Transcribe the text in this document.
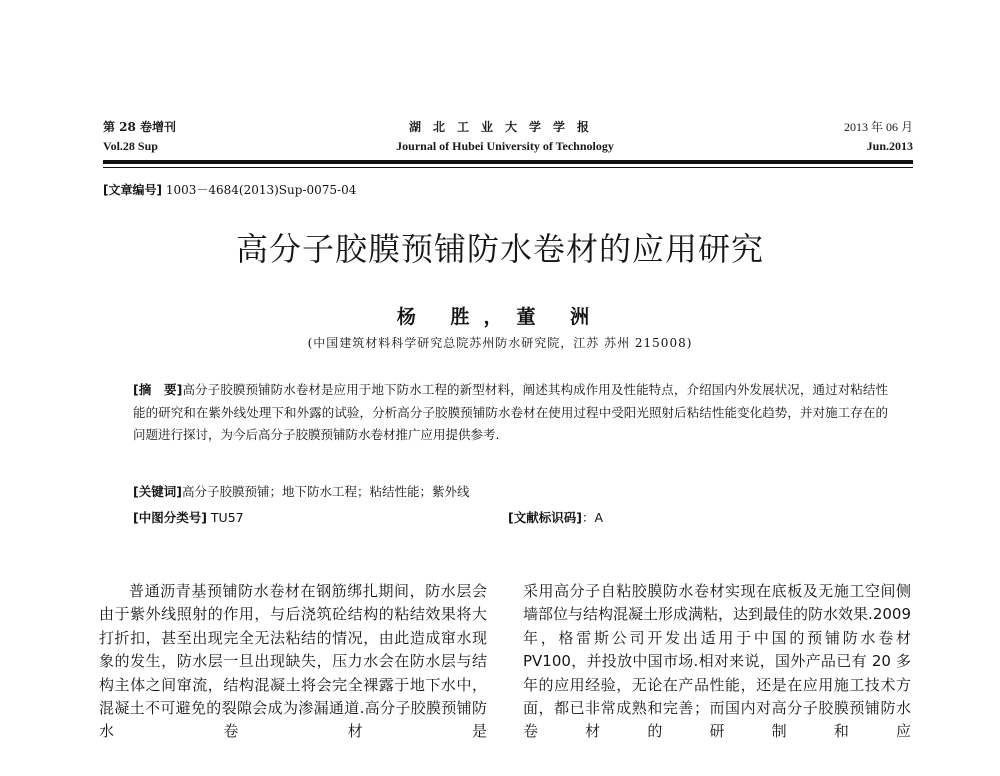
第 28 卷增刊
Vol.28 Sup
湖北工业大学学报
Journal of Hubei University of Technology
2013 年 06 月
Jun.2013
[文章编号] 1003－4684(2013)Sup-0075-04
高分子胶膜预铺防水卷材的应用研究
杨 胜，董 洲
(中国建筑材料科学研究总院苏州防水研究院，江苏 苏州 215008)
[摘　要]高分子胶膜预铺防水卷材是应用于地下防水工程的新型材料，阐述其构成作用及性能特点，介绍国内外发展状况，通过对粘结性能的研究和在紫外线处理下和外露的试验，分析高分子胶膜预铺防水卷材在使用过程中受阳光照射后粘结性能变化趋势，并对施工存在的问题进行探讨，为今后高分子胶膜预铺防水卷材推广应用提供参考.
[关键词]高分子胶膜预铺；地下防水工程；粘结性能；紫外线
[中图分类号] TU57	[文献标识码]：A

普通沥青基预铺防水卷材在钢筋绑扎期间，防水层会由于紫外线照射的作用，与后浇筑砼结构的粘结效果将大打折扣，甚至出现完全无法粘结的情况，由此造成窜水现象的发生，防水层一旦出现缺失，压力水会在防水层与结构主体之间窜流，结构混凝土将会完全裸露于地下水中，混凝土不可避免的裂隙会成为渗漏通道.高分子胶膜预铺防水卷材是

采用高分子自粘胶膜防水卷材实现在底板及无施工空间侧墙部位与结构混凝土形成满粘，达到最佳的防水效果.2009 年，格雷斯公司开发出适用于中国的预铺防水卷材 PV100，并投放中国市场.相对来说，国外产品已有 20 多年的应用经验，无论在产品性能，还是在应用施工技术方面，都已非常成熟和完善；而国内对高分子胶膜预铺防水卷材的研制和应
